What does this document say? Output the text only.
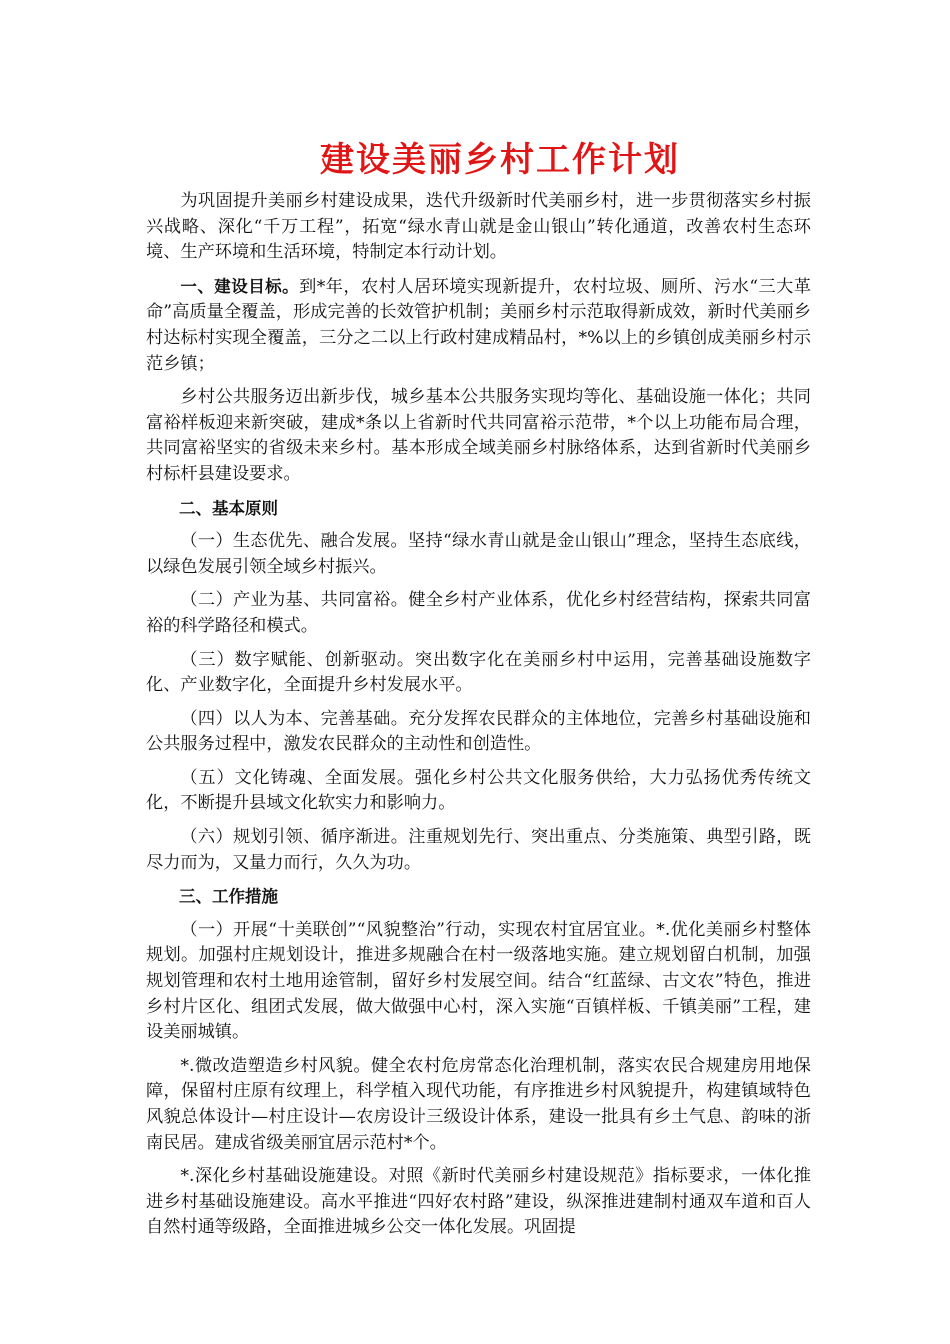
建设美丽乡村工作计划

为巩固提升美丽乡村建设成果，迭代升级新时代美丽乡村，进一步贯彻落实乡村振兴战略、深化“千万工程”，拓宽“绿水青山就是金山银山”转化通道，改善农村生态环境、生产环境和生活环境，特制定本行动计划。

一、建设目标。到*年，农村人居环境实现新提升，农村垃圾、厕所、污水“三大革命”高质量全覆盖，形成完善的长效管护机制；美丽乡村示范取得新成效，新时代美丽乡村达标村实现全覆盖，三分之二以上行政村建成精品村，*%以上的乡镇创成美丽乡村示范乡镇；

乡村公共服务迈出新步伐，城乡基本公共服务实现均等化、基础设施一体化；共同富裕样板迎来新突破，建成*条以上省新时代共同富裕示范带，*个以上功能布局合理，共同富裕坚实的省级未来乡村。基本形成全域美丽乡村脉络体系，达到省新时代美丽乡村标杆县建设要求。

二、基本原则

（一）生态优先、融合发展。坚持“绿水青山就是金山银山”理念，坚持生态底线，以绿色发展引领全域乡村振兴。

（二）产业为基、共同富裕。健全乡村产业体系，优化乡村经营结构，探索共同富裕的科学路径和模式。

（三）数字赋能、创新驱动。突出数字化在美丽乡村中运用，完善基础设施数字化、产业数字化，全面提升乡村发展水平。

（四）以人为本、完善基础。充分发挥农民群众的主体地位，完善乡村基础设施和公共服务过程中，激发农民群众的主动性和创造性。

（五）文化铸魂、全面发展。强化乡村公共文化服务供给，大力弘扬优秀传统文化，不断提升县域文化软实力和影响力。

（六）规划引领、循序渐进。注重规划先行、突出重点、分类施策、典型引路，既尽力而为，又量力而行，久久为功。

三、工作措施

（一）开展“十美联创”“风貌整治”行动，实现农村宜居宜业。*.优化美丽乡村整体规划。加强村庄规划设计，推进多规融合在村一级落地实施。建立规划留白机制，加强规划管理和农村土地用途管制，留好乡村发展空间。结合“红蓝绿、古文农”特色，推进乡村片区化、组团式发展，做大做强中心村，深入实施“百镇样板、千镇美丽”工程，建设美丽城镇。

*.微改造塑造乡村风貌。健全农村危房常态化治理机制，落实农民合规建房用地保障，保留村庄原有纹理上，科学植入现代功能，有序推进乡村风貌提升，构建镇域特色风貌总体设计—村庄设计—农房设计三级设计体系，建设一批具有乡土气息、韵味的浙南民居。建成省级美丽宜居示范村*个。

*.深化乡村基础设施建设。对照《新时代美丽乡村建设规范》指标要求，一体化推进乡村基础设施建设。高水平推进“四好农村路”建设，纵深推进建制村通双车道和百人自然村通等级路，全面推进城乡公交一体化发展。巩固提
